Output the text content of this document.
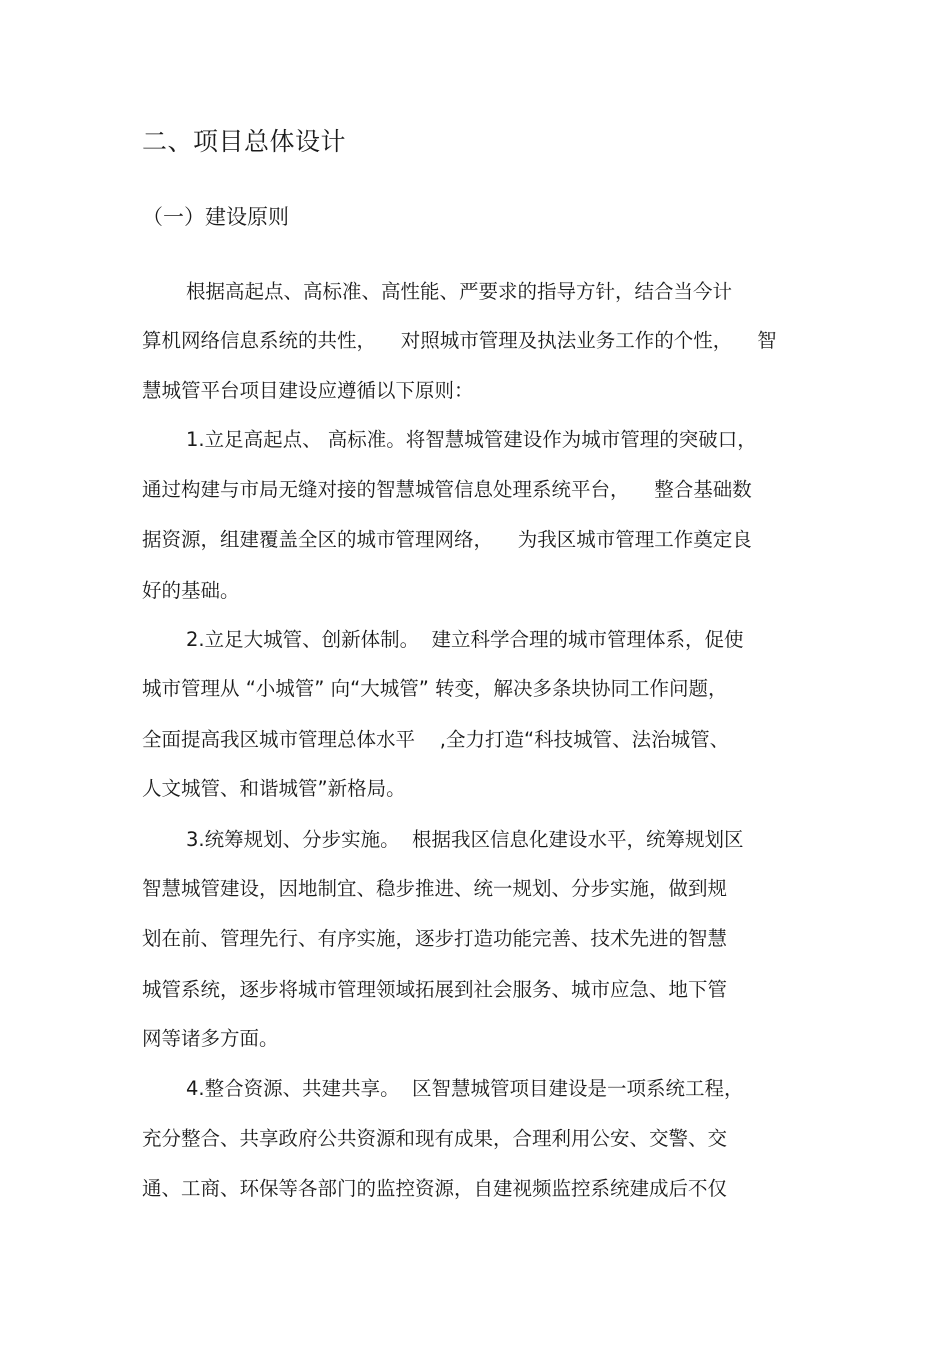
二、项目总体设计
（一）建设原则
根据高起点、高标准、高性能、严要求的指导方针，结合当今计
算机网络信息系统的共性，    对照城市管理及执法业务工作的个性，    智
慧城管平台项目建设应遵循以下原则：
1.立足高起点、 高标准。将智慧城管建设作为城市管理的突破口，
通过构建与市局无缝对接的智慧城管信息处理系统平台，    整合基础数
据资源，组建覆盖全区的城市管理网络，    为我区城市管理工作奠定良
好的基础。
2.立足大城管、创新体制。  建立科学合理的城市管理体系，促使
城市管理从 “小城管” 向“大城管” 转变，解决多条块协同工作问题，
全面提高我区城市管理总体水平    ,全力打造“科技城管、法治城管、
人文城管、和谐城管”新格局。
3.统筹规划、分步实施。  根据我区信息化建设水平，统筹规划区
智慧城管建设，因地制宜、稳步推进、统一规划、分步实施，做到规
划在前、管理先行、有序实施，逐步打造功能完善、技术先进的智慧
城管系统，逐步将城市管理领域拓展到社会服务、城市应急、地下管
网等诸多方面。
4.整合资源、共建共享。  区智慧城管项目建设是一项系统工程，
充分整合、共享政府公共资源和现有成果，合理利用公安、交警、交
通、工商、环保等各部门的监控资源，自建视频监控系统建成后不仅
